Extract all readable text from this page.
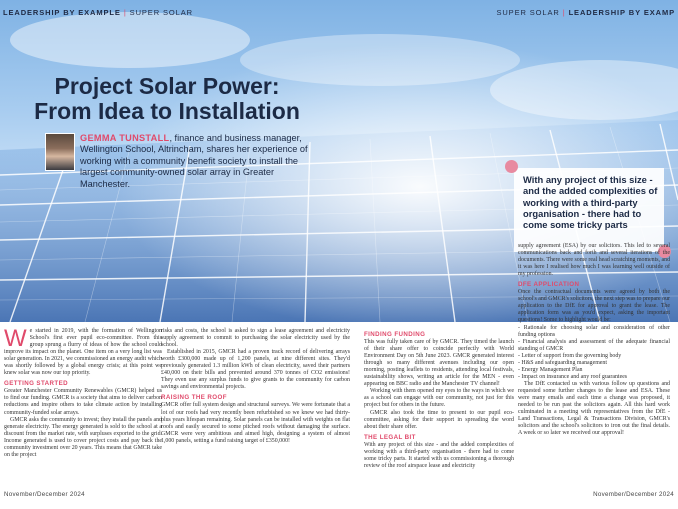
LEADERSHIP BY EXAMPLE | SUPER SOLAR	SUPER SOLAR | LEADERSHIP BY EXAMP
Project Solar Power:
From Idea to Installation
GEMMA TUNSTALL, finance and business manager, Wellington School, Altrincham, shares her experience of working with a community benefit society to install the largest community-owned solar array in Greater Manchester.	With any project of this size - and the added complexities of working with a third-party organisation - there had to come some tricky parts

We started in 2019, with the formation of Wellington School's first ever pupil eco-committee. From this group sprung a flurry of ideas of how the school could improve its impact on the planet. One item on a very long list was solar generation. In 2021, we commissioned an energy audit which was shortly followed by a global energy crisis; at this point we knew solar was now our top priority.

GETTING STARTED

Greater Manchester Community Renewables (GMCR) helped us to find our funding. GMCR is a society that aims to deliver carbon reductions and inspire others to take climate action by installing community-funded solar arrays.

GMCR asks the community to invest; they install the panels and generate electricity. The energy generated is sold to the school at a discount from the market rate, with surpluses exported to the grid. Income generated is used to cover project costs and pay back the community investment over 20 years. This means that GMCR take on the project

risks and costs, the school is asked to sign a lease agreement and electricity supply agreement to commit to purchasing the solar electricity used by the school.

Established in 2015, GMCR had a proven track record of delivering arrays worth £300,000 made up of 1,200 panels, at nine different sites. They'd previously generated 1.3 million kWh of clean electricity, saved their partners £40,000 on their bills and prevented around 370 tonnes of CO2 emissions! They even use any surplus funds to give grants to the community for carbon savings and environmental projects.

RAISING THE ROOF

GMCR offer full system design and structural surveys. We were fortunate that a lot of our roofs had very recently been refurbished so we knew we had thirty-plus years lifespan remaining. Solar panels can be installed with weights on flat roofs and easily secured to some pitched roofs without damaging the surface. GMCR were very ambitious and aimed high, designing a system of almost 1,000 panels, setting a fund raising target of £350,000!

FINDING FUNDING

This was fully taken care of by GMCR. They timed the launch of their share offer to coincide perfectly with World Environment Day on 5th June 2023. GMCR generated interest through so many different avenues including our open morning, posting leaflets to residents, attending local festivals, sustainability shows, writing an article for the MEN - even appearing on BBC radio and the Manchester TV channel!

Working with them opened my eyes to the ways in which we as a school can engage with our community, not just for this project but for others in the future.

GMCR also took the time to present to our pupil eco-committee, asking for their support in spreading the word about their share offer.

THE LEGAL BIT

With any project of this size - and the added complexities of working with a third-party organisation - there had to come some tricky parts. It started with us commissioning a thorough review of the roof airspace lease and electricity

supply agreement (ESA) by our solicitors. This led to several communications back and forth and several iterations of the documents. There were some real head scratching moments, and it was here I realised how much I was learning well outside of my profession.

DFE APPLICATION

Once the contractual documents were agreed by both the school's and GMCR's solicitors, the next step was to prepare our application to the DfE for approval to grant the lease. The application form was as you'd expect, asking the important questions! Some to highlight would be:

- Rationale for choosing solar and consideration of other funding options
- Financial analysis and assessment of the adequate financial standing of GMCR
- Letter of support from the governing body
- H&S and safeguarding management
- Energy Management Plan
- Impact on insurance and any roof guarantees

The DfE contacted us with various follow up questions and requested some further changes to the lease and ESA. These were many emails and each time a change was proposed, it needed to be run past the solicitors again. All this hard work culminated in a meeting with representatives from the DfE - Land Transactions, Legal & Transactions Division, GMCR's solicitors and the school's solicitors to iron out the final details. A week or so later we received our approval!

November/December 2024	November/December 2024
